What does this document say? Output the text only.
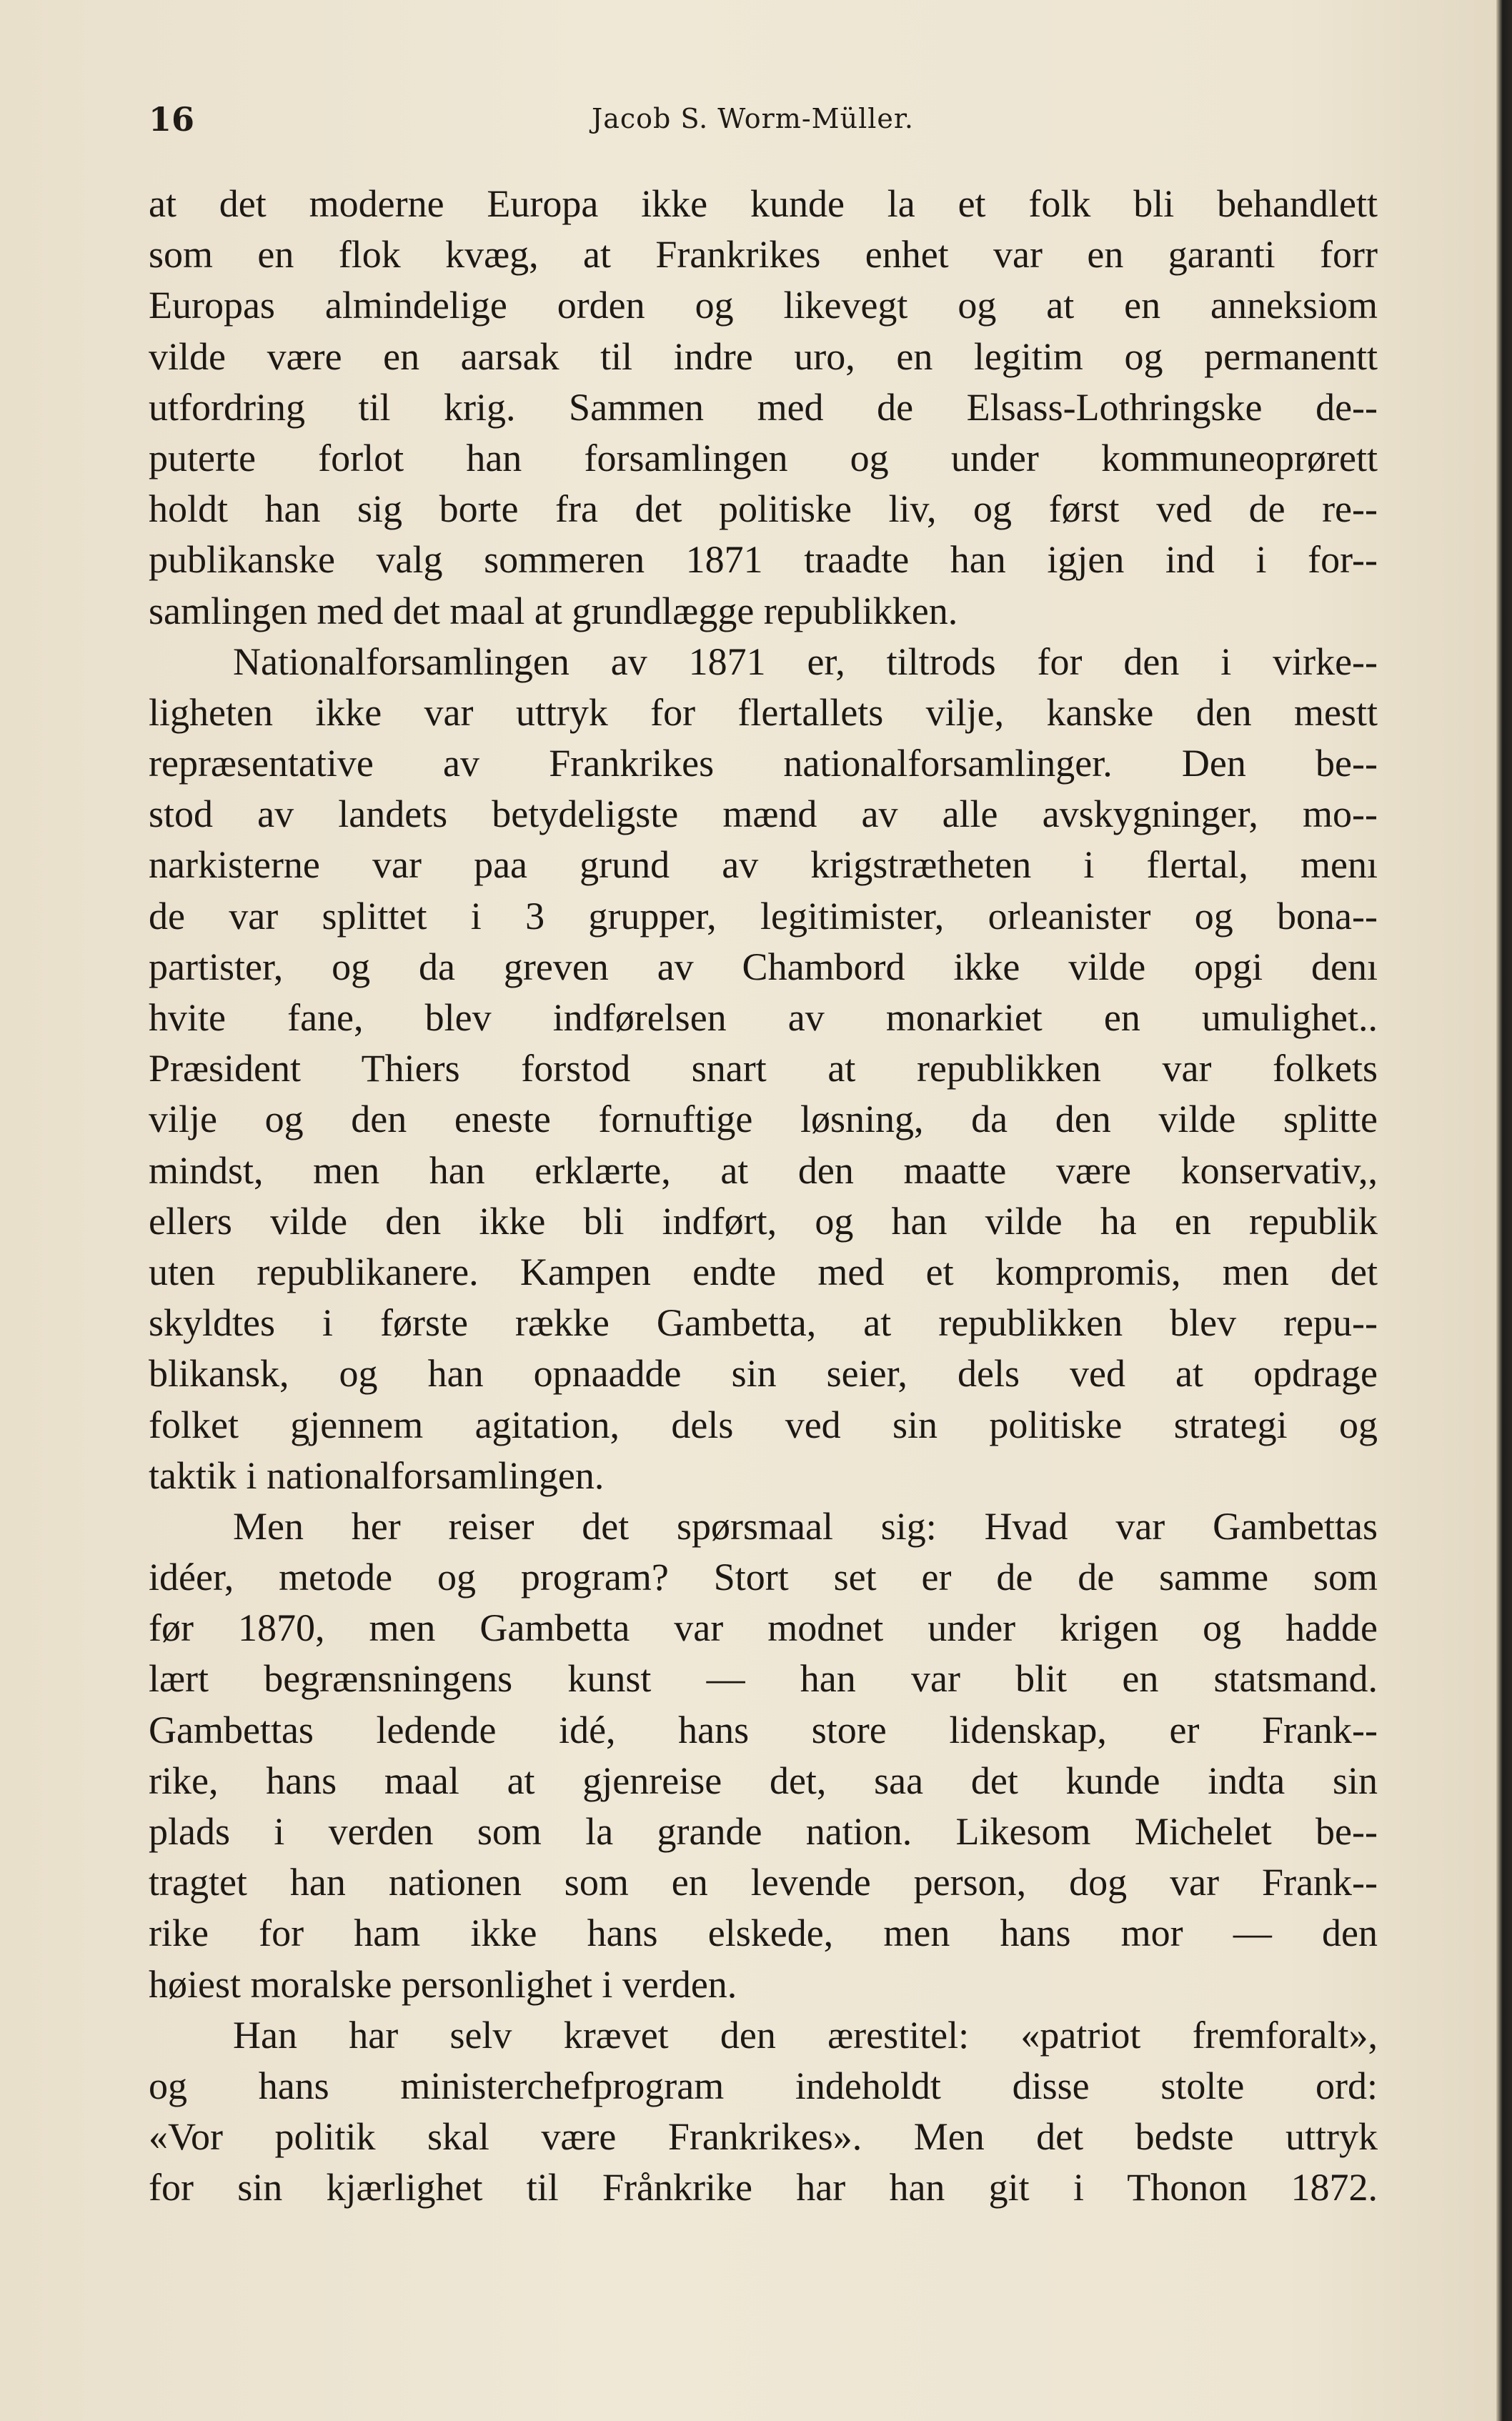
16	Jacob S. Worm-Müller.
at det moderne Europa ikke kunde la et folk bli behandlett
som en flok kvæg, at Frankrikes enhet var en garanti forr
Europas almindelige orden og likevegt og at en anneksiom
vilde være en aarsak til indre uro, en legitim og permanentt
utfordring til krig. Sammen med de Elsass-Lothringske de--
puterte forlot han forsamlingen og under kommuneoprørett
holdt han sig borte fra det politiske liv, og først ved de re--
publikanske valg sommeren 1871 traadte han igjen ind i for--
samlingen med det maal at grundlægge republikken.
Nationalforsamlingen av 1871 er, tiltrods for den i virke--
ligheten ikke var uttryk for flertallets vilje, kanske den mestt
repræsentative av Frankrikes nationalforsamlinger. Den be--
stod av landets betydeligste mænd av alle avskygninger, mo--
narkisterne var paa grund av krigstrætheten i flertal, menı
de var splittet i 3 grupper, legitimister, orleanister og bona--
partister, og da greven av Chambord ikke vilde opgi denı
hvite fane, blev indførelsen av monarkiet en umulighet..
Præsident Thiers forstod snart at republikken var folkets
vilje og den eneste fornuftige løsning, da den vilde splitte
mindst, men han erklærte, at den maatte være konservativ,,
ellers vilde den ikke bli indført, og han vilde ha en republik
uten republikanere. Kampen endte med et kompromis, men det
skyldtes i første række Gambetta, at republikken blev repu--
blikansk, og han opnaadde sin seier, dels ved at opdrage
folket gjennem agitation, dels ved sin politiske strategi og
taktik i nationalforsamlingen.
Men her reiser det spørsmaal sig: Hvad var Gambettas
idéer, metode og program? Stort set er de de samme som
før 1870, men Gambetta var modnet under krigen og hadde
lært begrænsningens kunst — han var blit en statsmand.
Gambettas ledende idé, hans store lidenskap, er Frank--
rike, hans maal at gjenreise det, saa det kunde indta sin
plads i verden som la grande nation. Likesom Michelet be--
tragtet han nationen som en levende person, dog var Frank--
rike for ham ikke hans elskede, men hans mor — den
høiest moralske personlighet i verden.
Han har selv krævet den ærestitel: «patriot fremforalt»,
og hans ministerchefprogram indeholdt disse stolte ord:
«Vor politik skal være Frankrikes». Men det bedste uttryk
for sin kjærlighet til Frånkrike har han git i Thonon 1872.
